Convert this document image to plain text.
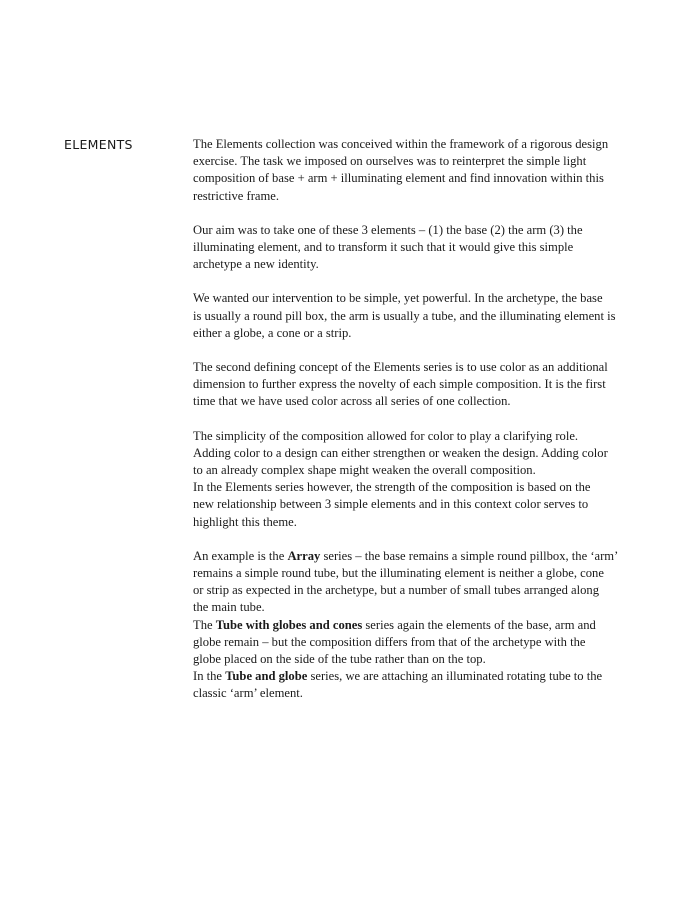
ELEMENTS	The Elements collection was conceived within the framework of a rigorous design
exercise. The task we imposed on ourselves was to reinterpret the simple light
composition of base + arm + illuminating element and find innovation within this
restrictive frame.

Our aim was to take one of these 3 elements – (1) the base (2) the arm (3) the
illuminating element, and to transform it such that it would give this simple
archetype a new identity.

We wanted our intervention to be simple, yet powerful. In the archetype, the base
is usually a round pill box, the arm is usually a tube, and the illuminating element is
either a globe, a cone or a strip.

The second defining concept of the Elements series is to use color as an additional
dimension to further express the novelty of each simple composition. It is the first
time that we have used color across all series of one collection.

The simplicity of the composition allowed for color to play a clarifying role.
Adding color to a design can either strengthen or weaken the design. Adding color
to an already complex shape might weaken the overall composition.
In the Elements series however, the strength of the composition is based on the
new relationship between 3 simple elements and in this context color serves to
highlight this theme.

An example is the Array series – the base remains a simple round pillbox, the ‘arm’
remains a simple round tube, but the illuminating element is neither a globe, cone
or strip as expected in the archetype, but a number of small tubes arranged along
the main tube.
The Tube with globes and cones series again the elements of the base, arm and
globe remain – but the composition differs from that of the archetype with the
globe placed on the side of the tube rather than on the top.
In the Tube and globe series, we are attaching an illuminated rotating tube to the
classic ‘arm’ element.
